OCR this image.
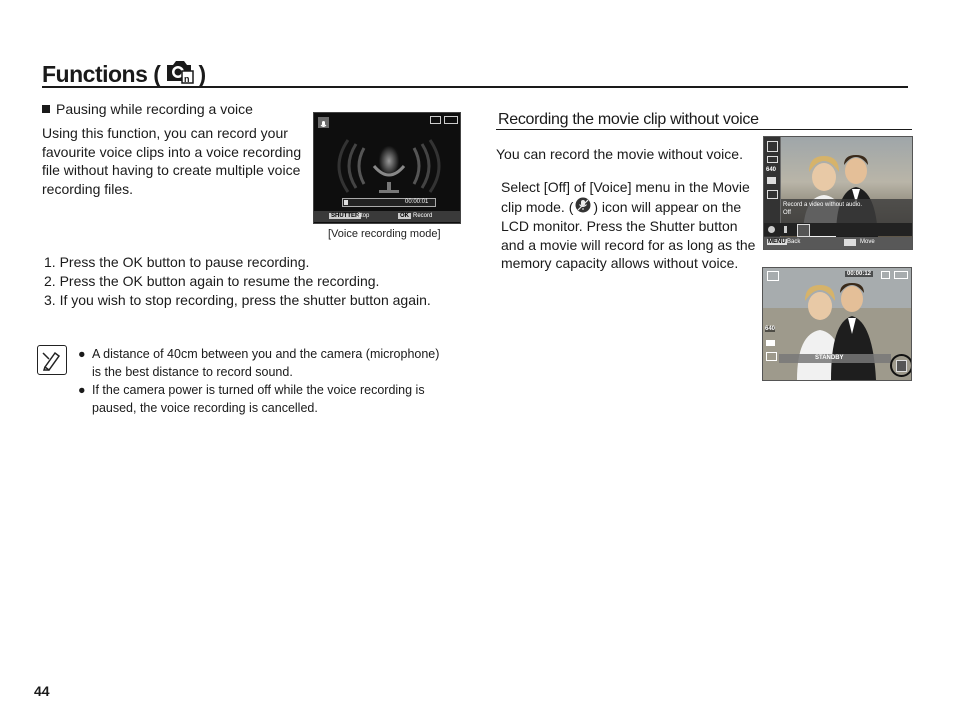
Functions (	n )
Pausing while recording a voice
Using this function, you can record your
favourite voice clips into a voice recording
file without having to create multiple voice
recording files.
00:00:01
SHUTTER
Stop	OK Record
[Voice recording mode]
1. Press the OK button to pause recording.
2. Press the OK button again to resume the recording.
3. If you wish to stop recording, press the shutter button again.
● A distance of 40cm between you and the camera (microphone)
is the best distance to record sound.
● If the camera power is turned off while the voice recording is
paused, the voice recording is cancelled.
Recording the movie clip without voice
You can record the movie without voice.
Select [Off] of [Voice] menu in the Movie
clip mode. ( ) icon will appear on the
LCD monitor. Press the Shutter button
and a movie will record for as long as the
memory capacity allows without voice.
640
Record a video without audio.
Off
MENU Back	Move
00:00:12
640
STANDBY
44
